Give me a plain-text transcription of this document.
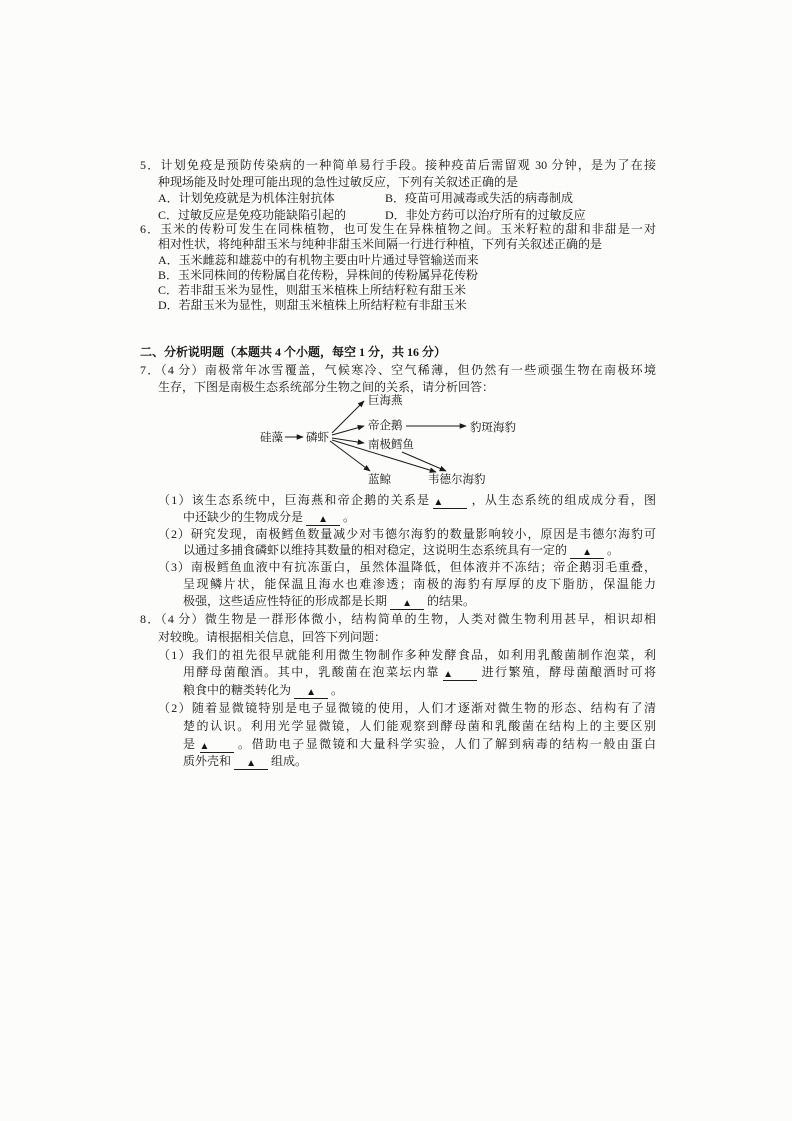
5．计划免疫是预防传染病的一种简单易行手段。接种疫苗后需留观 30 分钟，是为了在接
种现场能及时处理可能出现的急性过敏反应，下列有关叙述正确的是
A．计划免疫就是为机体注射抗体	B．疫苗可用减毒或失活的病毒制成
C．过敏反应是免疫功能缺陷引起的	D．非处方药可以治疗所有的过敏反应
6．玉米的传粉可发生在同株植物，也可发生在异株植物之间。玉米籽粒的甜和非甜是一对
相对性状，将纯种甜玉米与纯种非甜玉米间隔一行进行种植，下列有关叙述正确的是
A．玉米雌蕊和雄蕊中的有机物主要由叶片通过导管输送而来
B．玉米同株间的传粉属自花传粉，异株间的传粉属异花传粉
C．若非甜玉米为显性，则甜玉米植株上所结籽粒有甜玉米
D．若甜玉米为显性，则甜玉米植株上所结籽粒有非甜玉米
二、分析说明题（本题共 4 个小题，每空 1 分，共 16 分）
7．（4 分）南极常年冰雪覆盖，气候寒冷、空气稀薄，但仍然有一些顽强生物在南极环境
生存，下图是南极生态系统部分生物之间的关系，请分析回答：
硅藻 磷虾
巨海燕
帝企鹅	豹斑海豹
南极鳕鱼
蓝鲸	韦德尔海豹
（1）该生态系统中，巨海燕和帝企鹅的关系是 ▲ ，从生态系统的组成成分看，图
中还缺少的生物成分是 ▲ 。
（2）研究发现，南极鳕鱼数量减少对韦德尔海豹的数量影响较小，原因是韦德尔海豹可
以通过多捕食磷虾以维持其数量的相对稳定，这说明生态系统具有一定的 ▲ 。
（3）南极鳕鱼血液中有抗冻蛋白，虽然体温降低，但体液并不冻结；帝企鹅羽毛重叠，
呈现鳞片状，能保温且海水也难渗透；南极的海豹有厚厚的皮下脂肪，保温能力
极强，这些适应性特征的形成都是长期 ▲ 的结果。
8．（4 分）微生物是一群形体微小，结构简单的生物，人类对微生物利用甚早，相识却相
对较晚。请根据相关信息，回答下列问题：
（1）我们的祖先很早就能利用微生物制作多种发酵食品，如利用乳酸菌制作泡菜，利
用酵母菌酿酒。其中，乳酸菌在泡菜坛内靠 ▲ 进行繁殖，酵母菌酿酒时可将
粮食中的糖类转化为 ▲ 。
（2）随着显微镜特别是电子显微镜的使用，人们才逐渐对微生物的形态、结构有了清
楚的认识。利用光学显微镜，人们能观察到酵母菌和乳酸菌在结构上的主要区别
是 ▲ 。借助电子显微镜和大量科学实验，人们了解到病毒的结构一般由蛋白
质外壳和 ▲ 组成。
